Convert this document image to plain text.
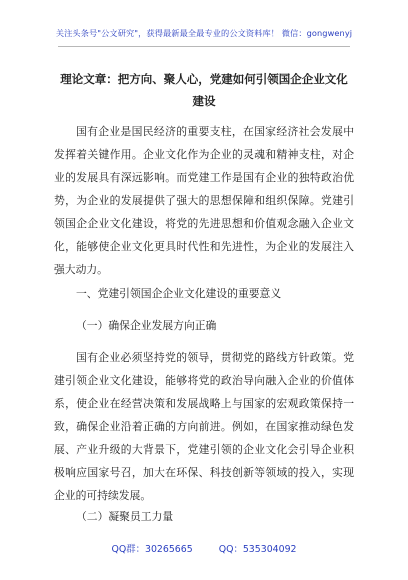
关注头条号"公文研究"，获得最新最全最专业的公文资料库！ 微信：gongwenyj
理论文章：把方向、聚人心，党建如何引领国企企业文化建设

国有企业是国民经济的重要支柱，在国家经济社会发展中发挥着关键作用。企业文化作为企业的灵魂和精神支柱，对企业的发展具有深远影响。而党建工作是国有企业的独特政治优势，为企业的发展提供了强大的思想保障和组织保障。党建引领国企企业文化建设，将党的先进思想和价值观念融入企业文化，能够使企业文化更具时代性和先进性，为企业的发展注入强大动力。

一、党建引领国企企业文化建设的重要意义

（一）确保企业发展方向正确

国有企业必须坚持党的领导，贯彻党的路线方针政策。党建引领企业文化建设，能够将党的政治导向融入企业的价值体系，使企业在经营决策和发展战略上与国家的宏观政策保持一致，确保企业沿着正确的方向前进。例如，在国家推动绿色发展、产业升级的大背景下，党建引领的企业文化会引导企业积极响应国家号召，加大在环保、科技创新等领域的投入，实现企业的可持续发展。

（二）凝聚员工力量

QQ群：30265665	QQ：535304092
